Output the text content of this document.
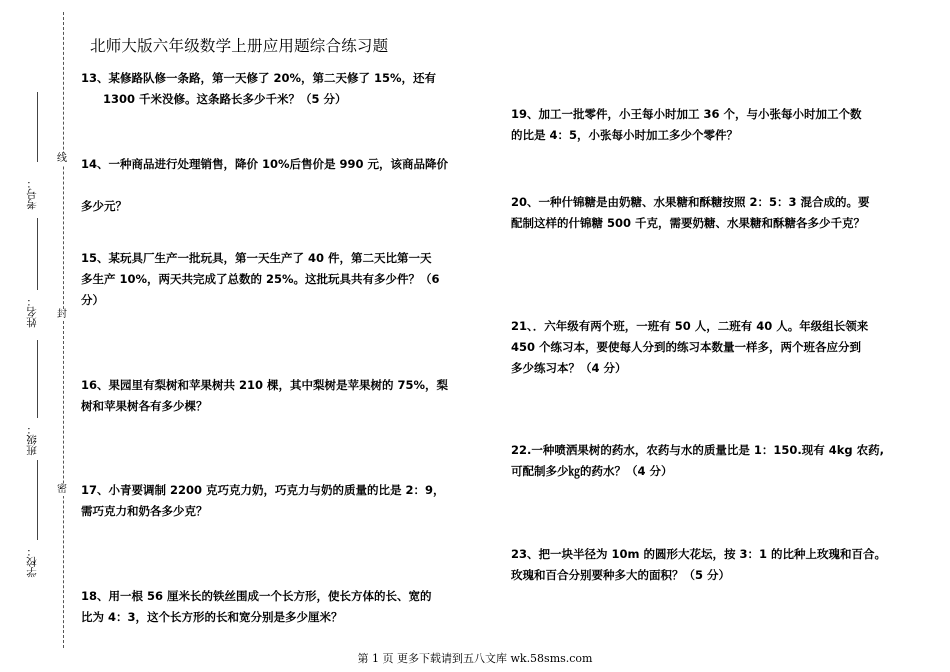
线
封
密
考号：
姓名：
班级：
学校：
北师大版六年级数学上册应用题综合练习题
13、某修路队修一条路，第一天修了 20%，第二天修了 15%，还有
1300 千米没修。这条路长多少千米？（5 分）
14、一种商品进行处理销售，降价 10%后售价是 990 元，该商品降价
多少元？
15、某玩具厂生产一批玩具，第一天生产了 40 件，第二天比第一天
多生产 10%，两天共完成了总数的 25%。这批玩具共有多少件？（6
分）
16、果园里有梨树和苹果树共 210 棵，其中梨树是苹果树的 75%，梨
树和苹果树各有多少棵？
17、小青要调制 2200 克巧克力奶，巧克力与奶的质量的比是 2：9，
需巧克力和奶各多少克？
18、用一根 56 厘米长的铁丝围成一个长方形，使长方体的长、宽的
比为 4：3，这个长方形的长和宽分别是多少厘米？
19、加工一批零件，小王每小时加工 36 个，与小张每小时加工个数
的比是 4：5，小张每小时加工多少个零件？
20、一种什锦糖是由奶糖、水果糖和酥糖按照 2：5：3 混合成的。要
配制这样的什锦糖 500 千克，需要奶糖、水果糖和酥糖各多少千克？
21、．六年级有两个班，一班有 50 人，二班有 40 人。年级组长领来
450 个练习本，要使每人分到的练习本数量一样多，两个班各应分到
多少练习本？（4 分）
22.一种喷洒果树的药水，农药与水的质量比是 1：150.现有 4kg 农药,
可配制多少㎏的药水？（4 分）
23、把一块半径为 10m 的圆形大花坛，按 3：1 的比种上玫瑰和百合。
玫瑰和百合分别要种多大的面积？（5 分）
第 1 页 更多下载请到五八文库 wk.58sms.com
